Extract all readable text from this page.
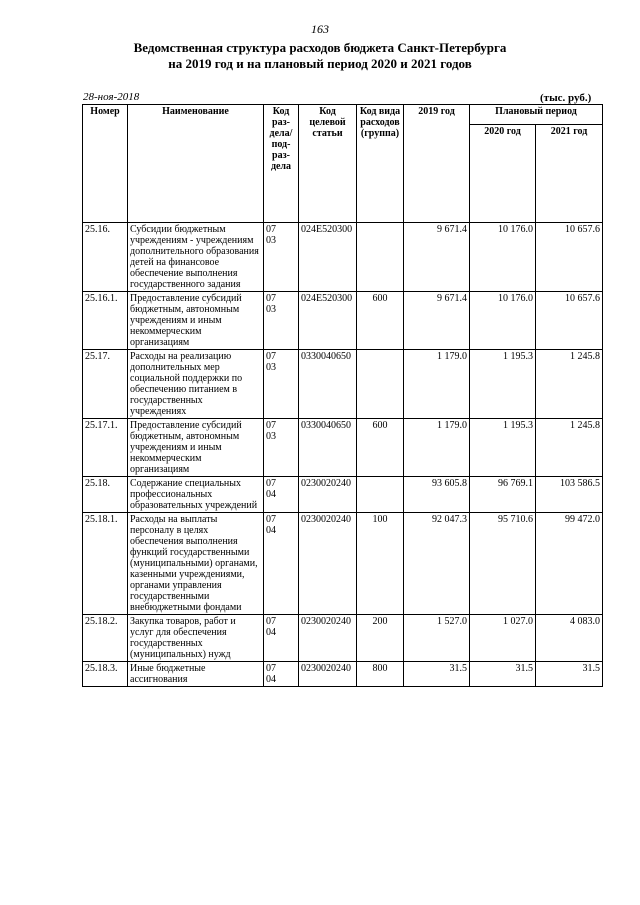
163
Ведомственная структура расходов бюджета Санкт-Петербурга
на 2019 год и на плановый период 2020 и 2021 годов
28-ноя-2018	(тыс. руб.)
Номер	Наименование	Код раз-дела/ под-раз-дела	Код целевой статьи	Код вида расходов (группа)	2019 год	Плановый период	
						2020 год	2021 год
25.16.	Субсидии бюджетным учреждениям - учреждениям дополнительного образования детей на финансовое обеспечение выполнения государственного задания	0703	024E520300		9 671.4	10 176.0	10 657.6
25.16.1.	Предоставление субсидий бюджетным, автономным учреждениям и иным некоммерческим организациям	0703	024E520300	600	9 671.4	10 176.0	10 657.6
25.17.	Расходы на реализацию дополнительных мер социальной поддержки по обеспечению питанием в государственных учреждениях	0703	0330040650		1 179.0	1 195.3	1 245.8
25.17.1.	Предоставление субсидий бюджетным, автономным учреждениям и иным некоммерческим организациям	0703	0330040650	600	1 179.0	1 195.3	1 245.8
25.18.	Содержание специальных профессиональных образовательных учреждений	0704	0230020240		93 605.8	96 769.1	103 586.5
25.18.1.	Расходы на выплаты персоналу в целях обеспечения выполнения функций государственными (муниципальными) органами, казенными учреждениями, органами управления государственными внебюджетными фондами	0704	0230020240	100	92 047.3	95 710.6	99 472.0
25.18.2.	Закупка товаров, работ и услуг для обеспечения государственных (муниципальных) нужд	0704	0230020240	200	1 527.0	1 027.0	4 083.0
25.18.3.	Иные бюджетные ассигнования	0704	0230020240	800	31.5	31.5	31.5
